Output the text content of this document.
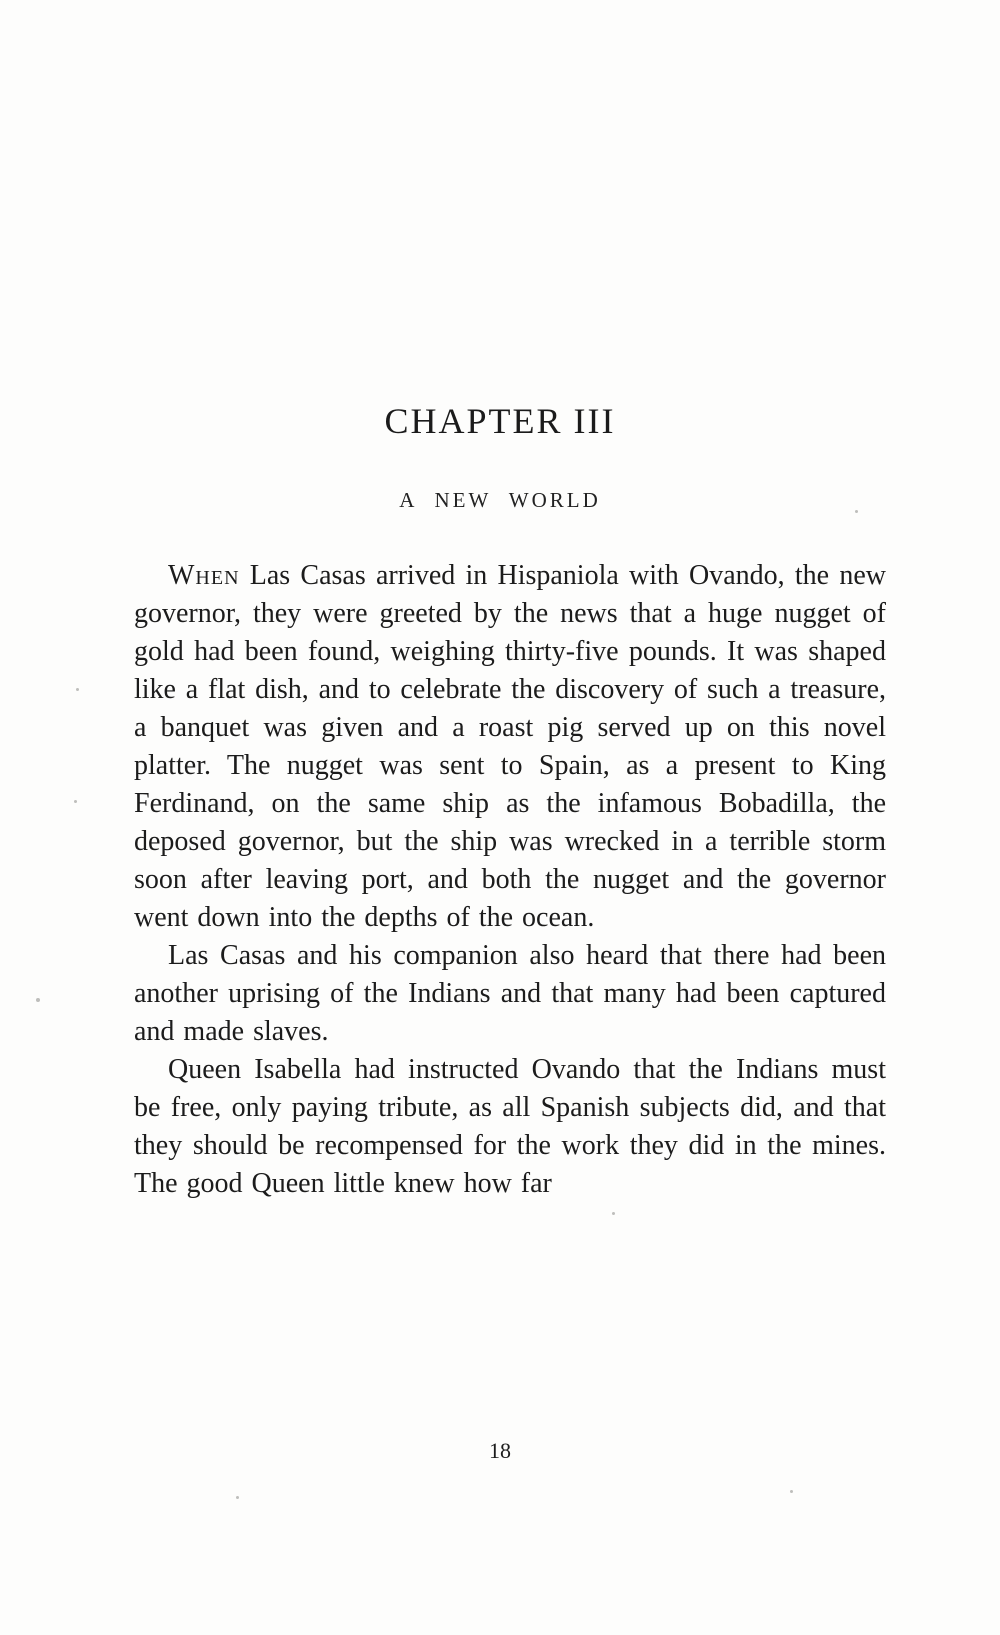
CHAPTER III
A NEW WORLD

When Las Casas arrived in Hispaniola with Ovando, the new governor, they were greeted by the news that a huge nugget of gold had been found, weighing thirty-five pounds. It was shaped like a flat dish, and to celebrate the discovery of such a treasure, a banquet was given and a roast pig served up on this novel platter. The nugget was sent to Spain, as a present to King Ferdinand, on the same ship as the infamous Bobadilla, the deposed governor, but the ship was wrecked in a terrible storm soon after leaving port, and both the nugget and the governor went down into the depths of the ocean.

Las Casas and his companion also heard that there had been another uprising of the Indians and that many had been captured and made slaves.

Queen Isabella had instructed Ovando that the Indians must be free, only paying tribute, as all Spanish subjects did, and that they should be recompensed for the work they did in the mines. The good Queen little knew how far

18
